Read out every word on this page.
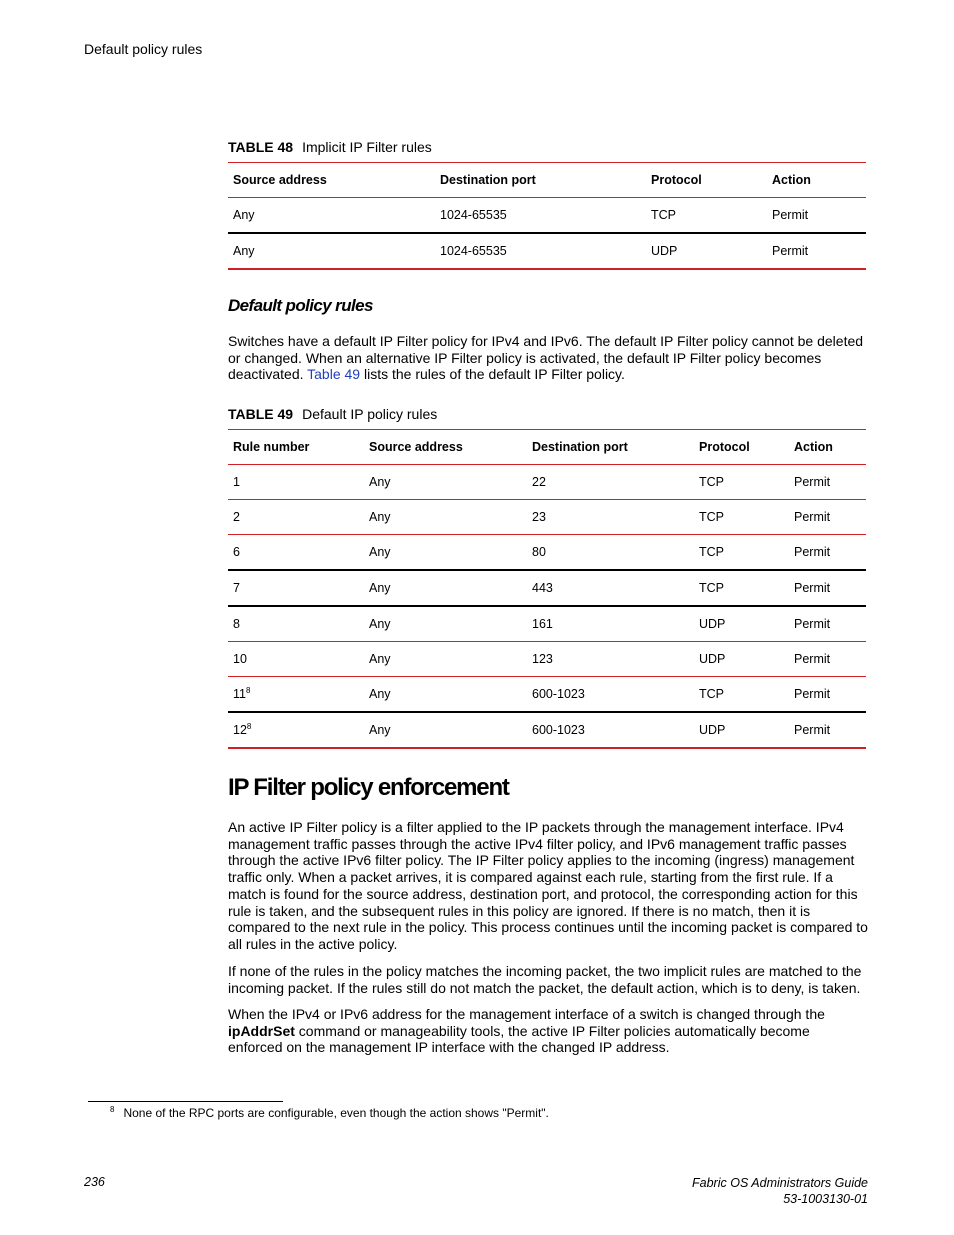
Default policy rules
TABLE 48 Implicit IP Filter rules
Source address	Destination port	Protocol	Action
Any	1024-65535	TCP	Permit
Any	1024-65535	UDP	Permit
Default policy rules

Switches have a default IP Filter policy for IPv4 and IPv6. The default IP Filter policy cannot be deleted or changed. When an alternative IP Filter policy is activated, the default IP Filter policy becomes deactivated. Table 49 lists the rules of the default IP Filter policy.

TABLE 49 Default IP policy rules
Rule number	Source address	Destination port	Protocol	Action
1	Any	22	TCP	Permit
2	Any	23	TCP	Permit
6	Any	80	TCP	Permit
7	Any	443	TCP	Permit
8	Any	161	UDP	Permit
10	Any	123	UDP	Permit
$11^8$	Any	600-1023	TCP	Permit
$12^8$	Any	600-1023	UDP	Permit
IP Filter policy enforcement

An active IP Filter policy is a filter applied to the IP packets through the management interface. IPv4 management traffic passes through the active IPv4 filter policy, and IPv6 management traffic passes through the active IPv6 filter policy. The IP Filter policy applies to the incoming (ingress) management traffic only. When a packet arrives, it is compared against each rule, starting from the first rule. If a match is found for the source address, destination port, and protocol, the corresponding action for this rule is taken, and the subsequent rules in this policy are ignored. If there is no match, then it is compared to the next rule in the policy. This process continues until the incoming packet is compared to all rules in the active policy.

If none of the rules in the policy matches the incoming packet, the two implicit rules are matched to the incoming packet. If the rules still do not match the packet, the default action, which is to deny, is taken.

When the IPv4 or IPv6 address for the management interface of a switch is changed through the ipAddrSet command or manageability tools, the active IP Filter policies automatically become enforced on the management IP interface with the changed IP address.

$^8$ None of the RPC ports are configurable, even though the action shows "Permit".
236	Fabric OS Administrators Guide
53-1003130-01
